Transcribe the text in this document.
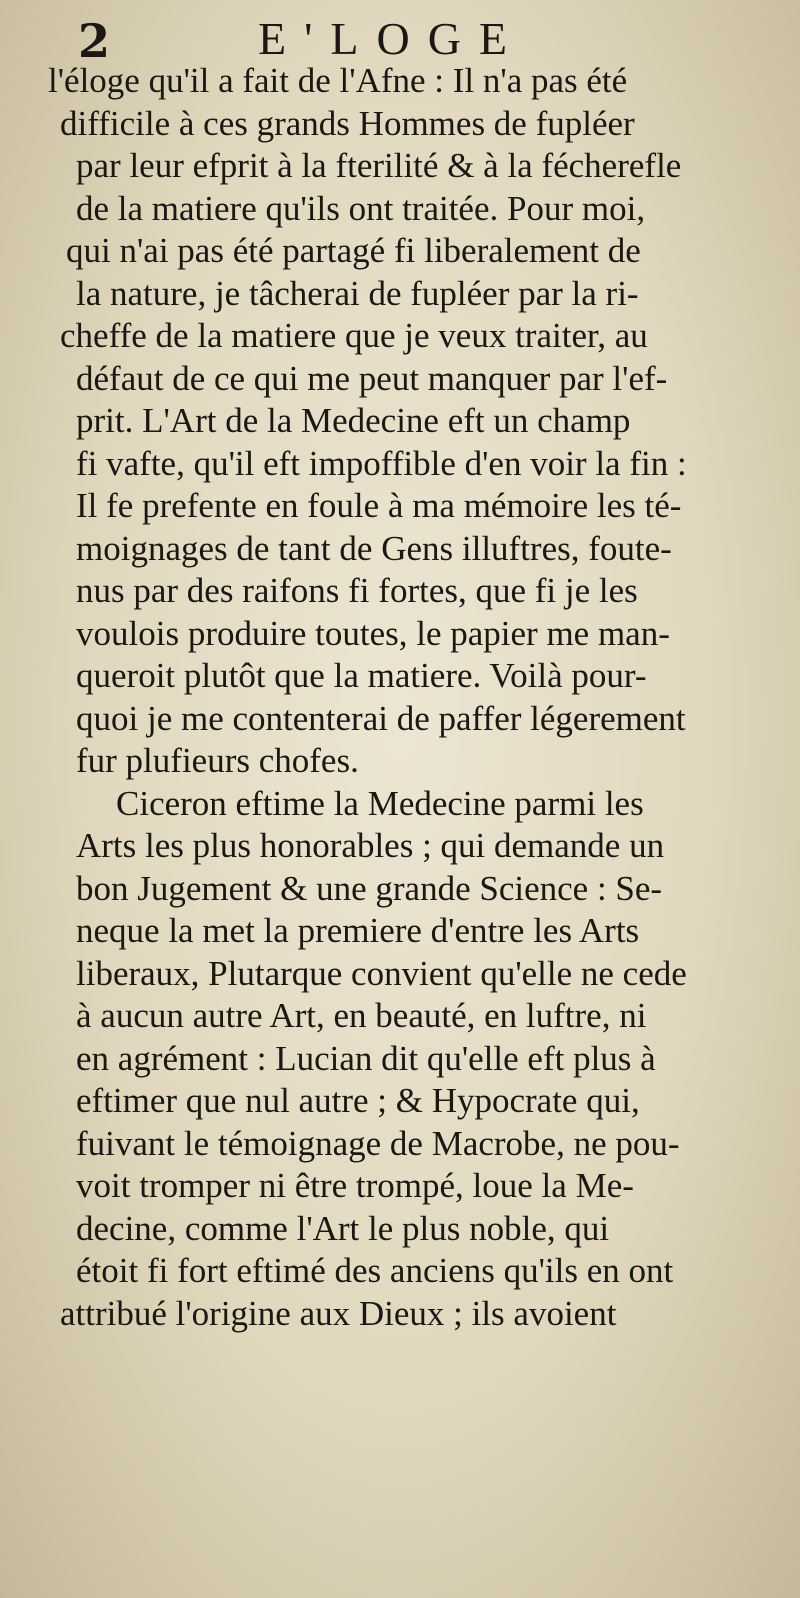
2	E'LOGE
l'éloge qu'il a fait de l'Afne : Il n'a pas été
difficile à ces grands Hommes de fupléer
par leur efprit à la fterilité & à la fécherefle
de la matiere qu'ils ont traitée. Pour moi,
qui n'ai pas été partagé fi liberalement de
la nature, je tâcherai de fupléer par la ri-
cheffe de la matiere que je veux traiter, au
défaut de ce qui me peut manquer par l'ef-
prit. L'Art de la Medecine eft un champ
fi vafte, qu'il eft impoffible d'en voir la fin :
Il fe prefente en foule à ma mémoire les té-
moignages de tant de Gens illuftres, foute-
nus par des raifons fi fortes, que fi je les
voulois produire toutes, le papier me man-
queroit plutôt que la matiere. Voilà pour-
quoi je me contenterai de paffer légerement
fur plufieurs chofes.
Ciceron eftime la Medecine parmi les
Arts les plus honorables ; qui demande un
bon Jugement & une grande Science : Se-
neque la met la premiere d'entre les Arts
liberaux, Plutarque convient qu'elle ne cede
à aucun autre Art, en beauté, en luftre, ni
en agrément : Lucian dit qu'elle eft plus à
eftimer que nul autre ; & Hypocrate qui,
fuivant le témoignage de Macrobe, ne pou-
voit tromper ni être trompé, loue la Me-
decine, comme l'Art le plus noble, qui
étoit fi fort eftimé des anciens qu'ils en ont
attribué l'origine aux Dieux ; ils avoient
